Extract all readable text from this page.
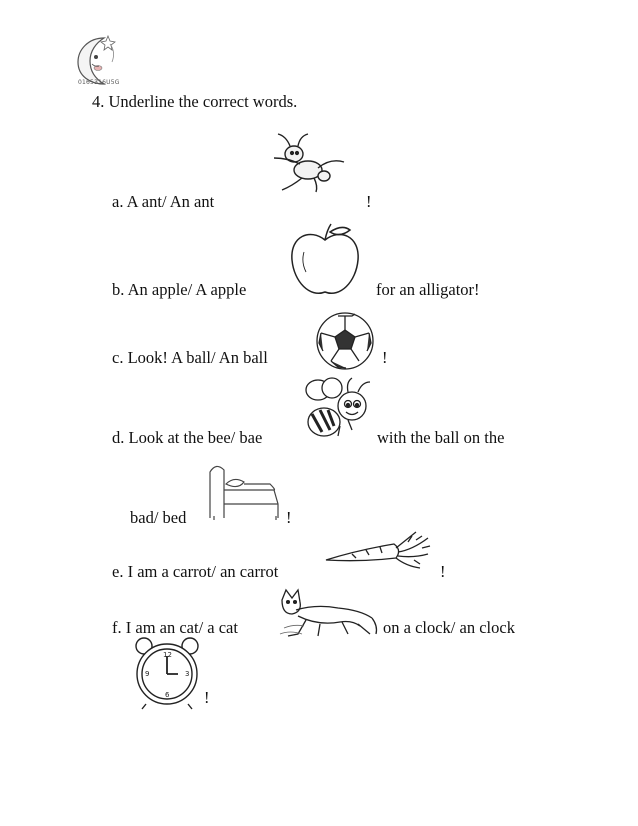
0165316U5G
4. Underline the correct words.
a. A ant/ An ant	!
b. An apple/ A apple	for an alligator!
c. Look! A ball/ An ball	!
d. Look at the bee/ bae	with the ball on the
bad/ bed	!
e. I am a carrot/ an carrot	!
f. I am an cat/ a cat	on a clock/ an clock
12
3
6
9
!
